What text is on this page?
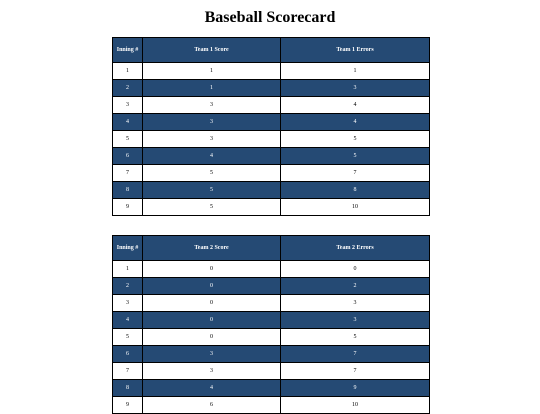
Baseball Scorecard
Inning #	Team 1 Score	Team 1 Errors
1	1	1
2	1	3
3	3	4
4	3	4
5	3	5
6	4	5
7	5	7
8	5	8
9	5	10
Inning #	Team 2 Score	Team 2 Errors
1	0	0
2	0	2
3	0	3
4	0	3
5	0	5
6	3	7
7	3	7
8	4	9
9	6	10
